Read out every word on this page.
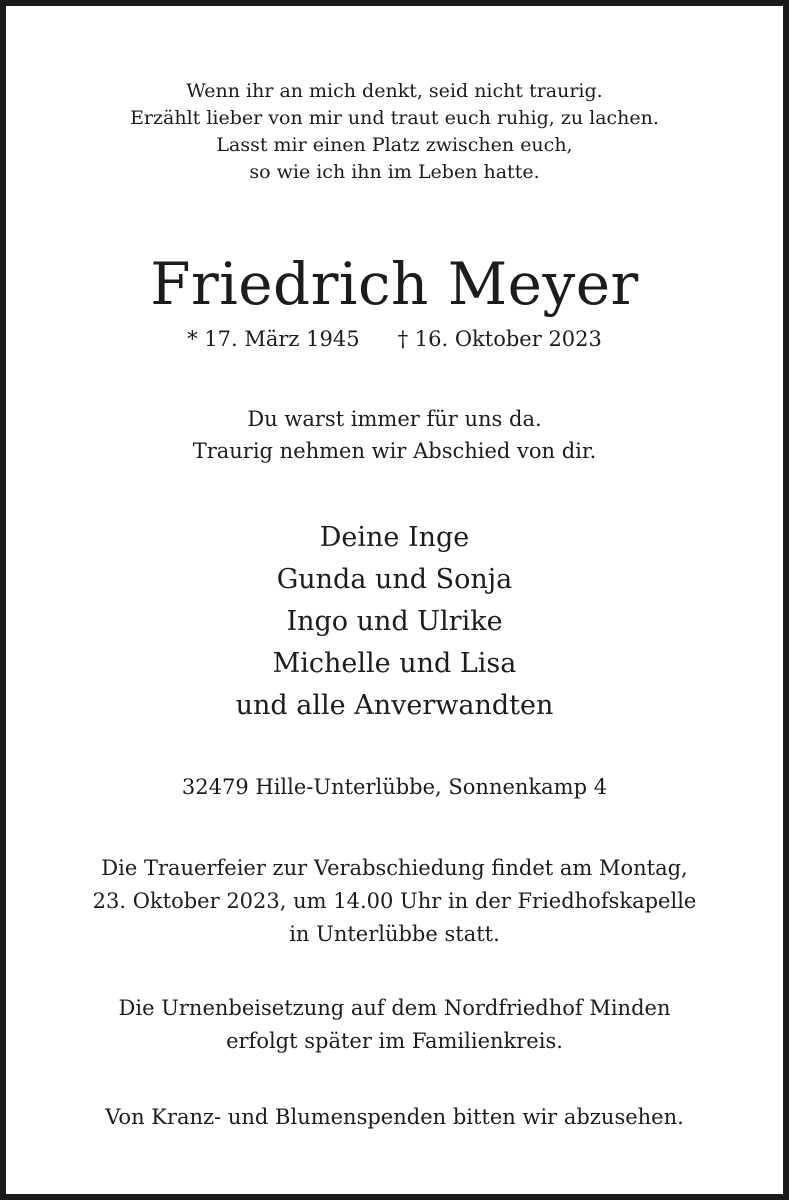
Wenn ihr an mich denkt, seid nicht traurig.
Erzählt lieber von mir und traut euch ruhig, zu lachen.
Lasst mir einen Platz zwischen euch,
so wie ich ihn im Leben hatte.

Friedrich Meyer

* 17. März 1945 † 16. Oktober 2023

Du warst immer für uns da.
Traurig nehmen wir Abschied von dir.

Deine Inge
Gunda und Sonja
Ingo und Ulrike
Michelle und Lisa
und alle Anverwandten

32479 Hille-Unterlübbe, Sonnenkamp 4

Die Trauerfeier zur Verabschiedung findet am Montag,
23. Oktober 2023, um 14.00 Uhr in der Friedhofskapelle
in Unterlübbe statt.

Die Urnenbeisetzung auf dem Nordfriedhof Minden
erfolgt später im Familienkreis.

Von Kranz- und Blumenspenden bitten wir abzusehen.
